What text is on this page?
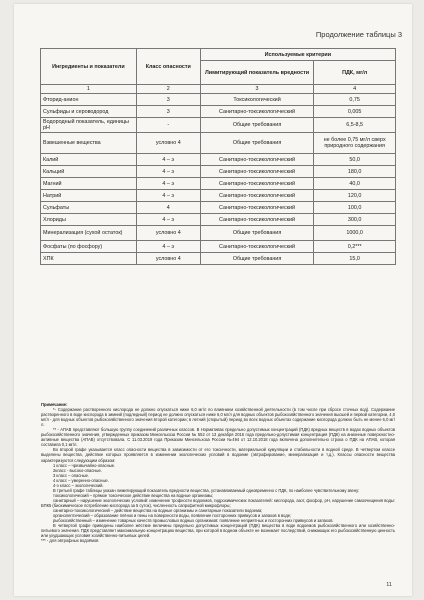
Продолжение таблицы 3
Ингредиенты и показатели	Класс опасности	Используемые критерии	
		Лимитирующий показатель вредности	ПДК, мг/л
1	2	3	4
Фторид-анион	3	Токсикологический	0,75
Сульфиды и сероводород	3	Санитарно-токсикологический	0,005
Водородный показатель, единицы рН	-	Общие требования	6,5-8,5
Взвешенные вещества	условно 4	Общие требования	не более 0,75 мг/л сверх природного содержания
Калий	4 – э	Санитарно-токсикологический	50,0
Кальций	4 – э	Санитарно-токсикологический	180,0
Магний	4 – э	Санитарно-токсикологический	40,0
Натрий	4 – э	Санитарно-токсикологический	120,0
Сульфаты	4	Санитарно-токсикологический	100,0
Хлориды	4 – э	Санитарно-токсикологический	300,0
Минерализация (сухой остаток)	условно 4	Общие требования	1000,0
Фосфаты (по фосфору)	4 – э	Санитарно-токсикологический	0,2***
ХПК	условно 4	Общие требования	15,0

Примечание:

*- Содержание растворенного кислорода не должно опускаться ниже 6,0 мг/л по влиянием хозяйственной деятельности (в том числе при сбросе сточных вод). Содержание растворенного в воде кислорода в зимний (подледный) период не должно опускаться ниже 6,0 мг/л для водных объектов рыбохозяйственного значения высшей и первой категории, 4,0 мг/л - для водных объектов рыбохозяйственного значения второй категории; в летний (открытый) период во всех водных объектах содержание кислорода должно быть не менее 6,0 мг/л.

** - АПАВ представляют большую группу соединений различных классов. В Нормативах предельно допустимых концентраций (ПДК) вредных веществ в водах водных объектов рыбохозяйственного значения, утвержденных приказом Минсельхоза России № 552 от 13 декабря 2016 года предельно-допустимая концентрация (ПДК) на анионные поверхностно-активные вещества (АПАВ) отсутствовала. С 11.03.2019 года Приказом Минсельхоза России №494 от 12.10.2018 года включена дополнительно строка о ПДК на АПАВ, которая составила 0,1 мг/л.

Во второй графе указывается класс опасности вещества в зависимости от его токсичности, материальной кумуляции и стабильности в водной среде. В четвертом классе выделены вещества, действие которых проявляется в изменении экологических условий в водоеме (эвтрофирование, минерализация и т.д.). Классы опасности вещества характеризуются следующим образом:

1 класс – чрезвычайно-опасные.

2класс - высоко-опасные.

3 класс – опасные.

4 класс – умеренно-опасные.

4-э класс – экологический.

В третьей графе таблицы указан лимитирующий показатель вредности вещества, устанавливаемый одновременно с ПДК, по наиболее чувствительному звену:

токсикологический – прямое токсическое действие вещества на водные организмы;

санитарный – нарушение экологических условий: изменение трофности водоемов, гидрохимических показателей: кислорода, азот, фосфор, рН, нарушение самоочищения воды: БПК5 (биохимическое потребление кислорода за 5 суток), численность сапрофитной микрофлоры;

санитарно-токсикологический – действие вещества на водные организмы и санитарные показатели водоема;

органолептический – образование плёнок и пены на поверхности воды, появление посторонних привкусов и запахов в воде;

рыбохозяйственный – изменение товарных качеств промысловых водных организмов: появление неприятных и посторонних привкусов и запахов.

В четвертой графе приведены наиболее жёсткие величины предельно допустимых концентраций (ПДК) вещества в воде водоемов рыбохозяйственного или хозяйственно-питьевого значения. ПДК представляет максимальную концентрацию вещества, при которой в водном объекте не возникает последствий, снижающих его рыбохозяйственную ценность или ухудшающих условия хозяйственно-питьевых целей.

*** - для эвтрофных водоёмов

11
